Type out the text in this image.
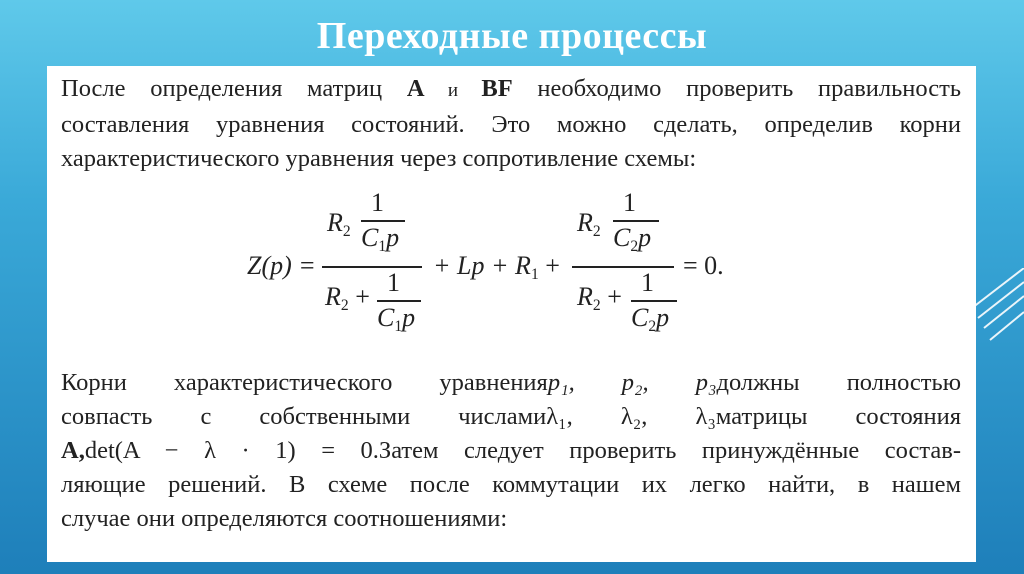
Переходные процессы
После определения матриц A и BF необходимо проверить правильность
составления уравнения состояний. Это можно сделать, определив корни
характеристического уравнения через сопротивление схемы:
Z(p) =
$R_2$
1
$C_1p$
$R_2 + 1$
$C_1p$
+ $Lp + R_1$ +
$R_2$
1
$C_2p$
$R_2 + 1$
$C_2p$
= 0.
Корни характеристического уравненияp₁, p₂, p₃должны полностью
совпасть с собственными числамиλ₁, λ₂, λ₃матрицы состояния
A,det(A − λ · 1) = 0.Затем следует проверить принуждённые состав-
ляющие решений. В схеме после коммутации их легко найти, в нашем
случае они определяются соотношениями:
